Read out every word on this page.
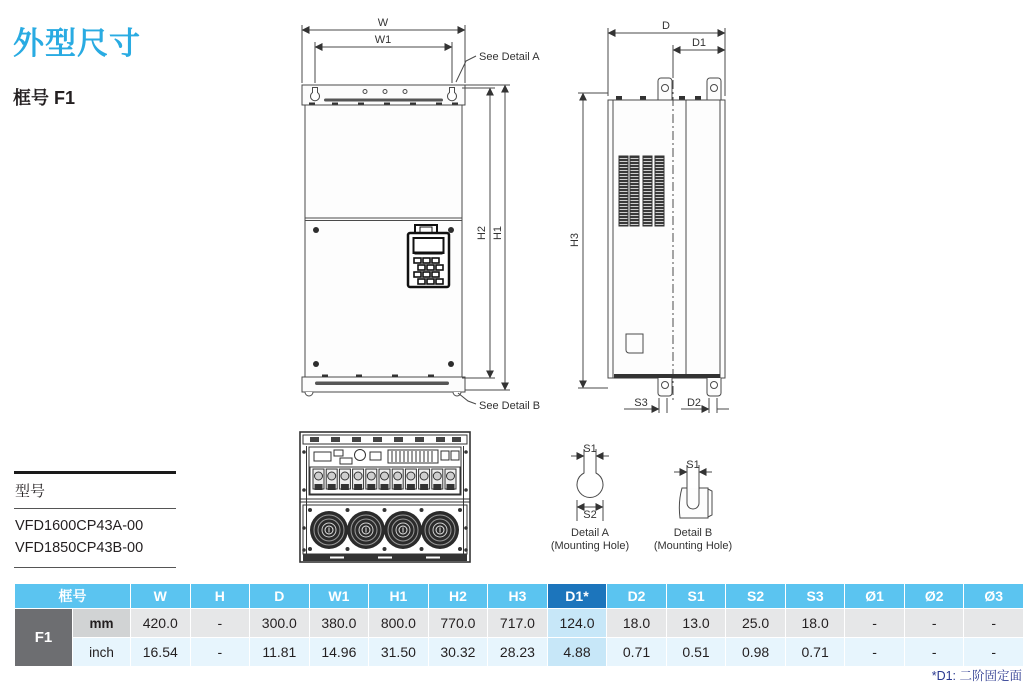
外型尺寸
框号 F1
W
W1
H2 H1
See Detail A
See Detail B
D
D1
H3
S3	D2
S1
S2
Detail A
(Mounting Hole)
S1
Detail B
(Mounting Hole)
型号
VFD1600CP43A-00
VFD1850CP43B-00
框号		W	H	D	W1	H1	H2	H3	D1*	D2	S1	S2	S3	Ø1	Ø2	Ø3
F1	mm	420.0	-	300.0	380.0	800.0	770.0	717.0	124.0	18.0	13.0	25.0	18.0	-	-	-
	inch	16.54	-	11.81	14.96	31.50	30.32	28.23	4.88	0.71	0.51	0.98	0.71	-	-	-
*D1: 二阶固定面
